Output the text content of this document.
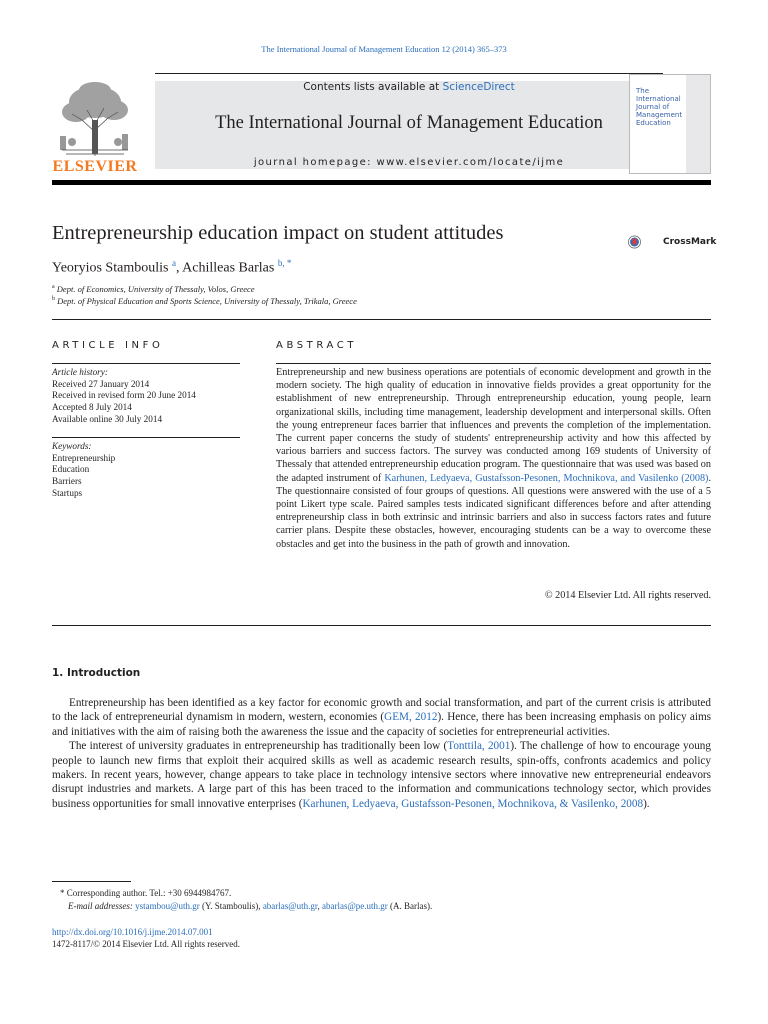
The International Journal of Management Education 12 (2014) 365–373
Contents lists available at ScienceDirect
The International Journal of Management Education
journal homepage: www.elsevier.com/locate/ijme
ELSEVIER
The International
Journal of
Management
Education
Entrepreneurship education impact on student attitudes	CrossMark
Yeoryios Stamboulis $^a$, Achilleas Barlas $^{b, *}$
$^a$ Dept. of Economics, University of Thessaly, Volos, Greece
$^b$ Dept. of Physical Education and Sports Science, University of Thessaly, Trikala, Greece
ARTICLE INFO
Article history:
Received 27 January 2014
Received in revised form 20 June 2014
Accepted 8 July 2014
Available online 30 July 2014
Keywords:
Entrepreneurship
Education
Barriers
Startups
ABSTRACT
Entrepreneurship and new business operations are potentials of economic development and growth in the modern society. The high quality of education in innovative fields provides a great opportunity for the establishment of new entrepreneurship. Through entrepreneurship education, young people, learn organizational skills, including time management, leadership development and interpersonal skills. Often the young entrepreneur faces barrier that influences and prevents the completion of the implementation. The current paper concerns the study of students' entrepreneurship activity and how this affected by various barriers and success factors. The survey was conducted among 169 students of University of Thessaly that attended entrepreneurship education program. The questionnaire that was used was based on the adapted instrument of Karhunen, Ledyaeva, Gustafsson-Pesonen, Mochnikova, and Vasilenko (2008). The questionnaire consisted of four groups of questions. All questions were answered with the use of a 5 point Likert type scale. Paired samples tests indicated significant differences before and after attending entrepreneurship class in both extrinsic and intrinsic barriers and also in success factors rates and future carrier plans. Despite these obstacles, however, encouraging students can be a way to overcome these obstacles and get into the business in the path of growth and innovation.
© 2014 Elsevier Ltd. All rights reserved.
1. Introduction

Entrepreneurship has been identified as a key factor for economic growth and social transformation, and part of the current crisis is attributed to the lack of entrepreneurial dynamism in modern, western, economies (GEM, 2012). Hence, there has been increasing emphasis on policy aims and initiatives with the aim of raising both the awareness the issue and the capacity of societies for entrepreneurial activities.

The interest of university graduates in entrepreneurship has traditionally been low (Tonttila, 2001). The challenge of how to encourage young people to launch new firms that exploit their acquired skills as well as academic research results, spin-offs, confronts academics and policy makers. In recent years, however, change appears to take place in technology intensive sectors where innovative new entrepreneurial endeavors disrupt industries and markets. A large part of this has been traced to the information and communications technology sector, which provides business opportunities for small innovative enterprises (Karhunen, Ledyaeva, Gustafsson-Pesonen, Mochnikova, & Vasilenko, 2008).

* Corresponding author. Tel.: +30 6944984767.
E-mail addresses: ystambou@uth.gr (Y. Stamboulis), abarlas@uth.gr, abarlas@pe.uth.gr (A. Barlas).
http://dx.doi.org/10.1016/j.ijme.2014.07.001
1472-8117/© 2014 Elsevier Ltd. All rights reserved.
